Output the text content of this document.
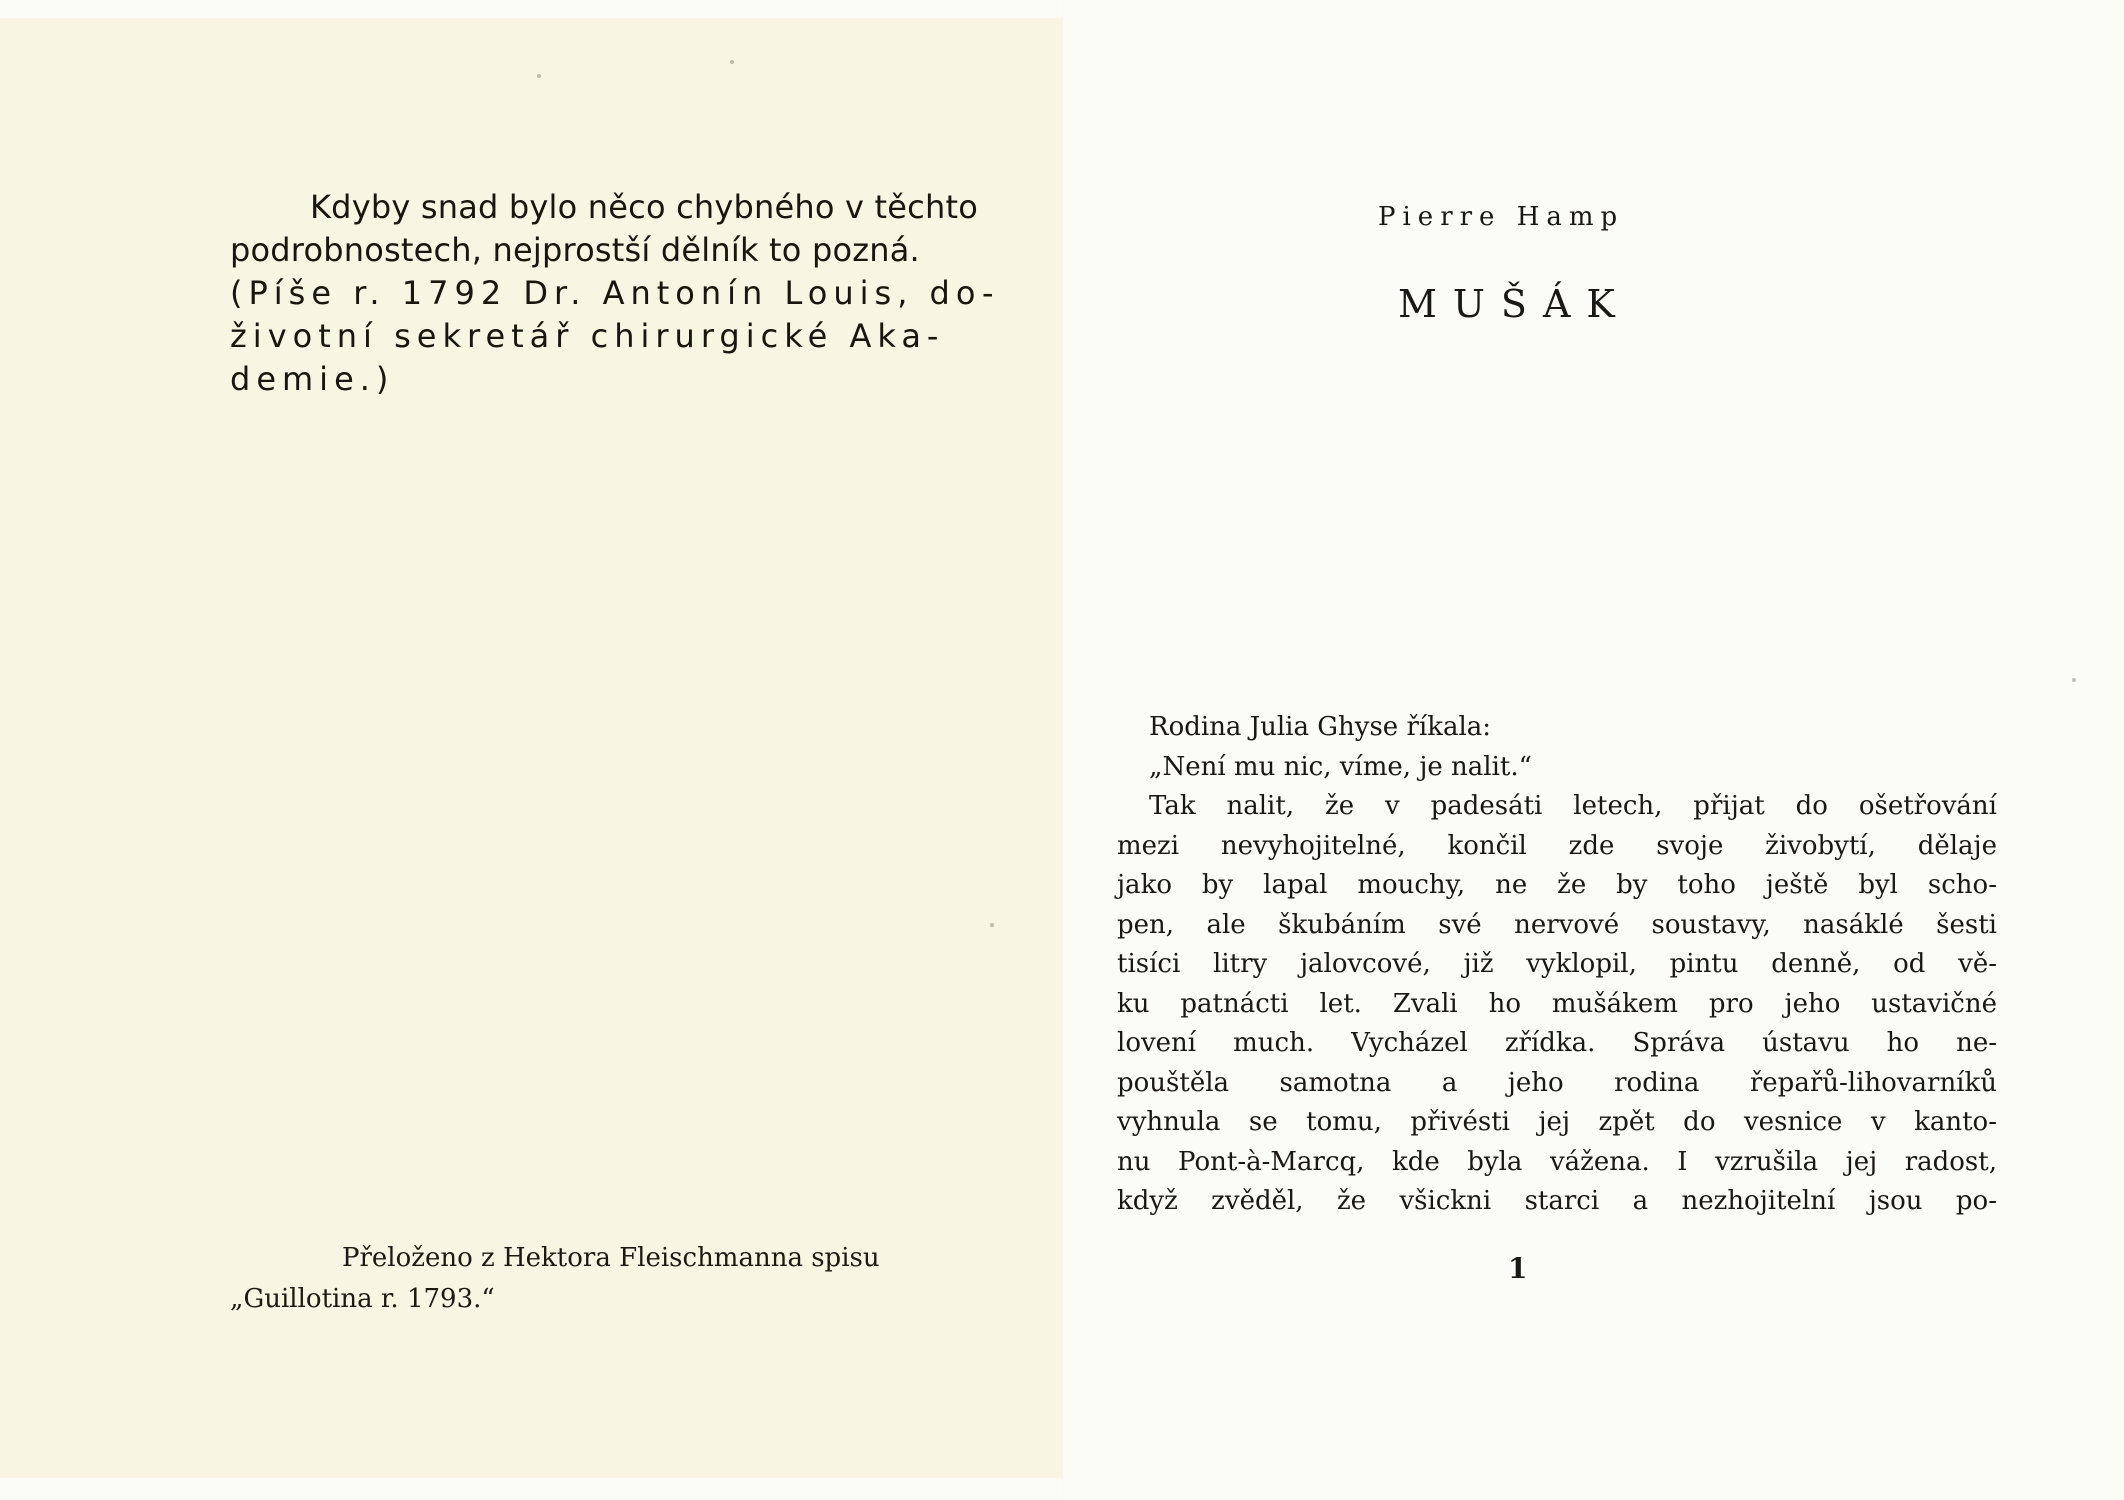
Kdyby snad bylo něco chybného v těchto
podrobnostech, nejprostší dělník to pozná.
(Píše r. 1792 Dr. Antonín Louis, do-
životní sekretář chirurgické Aka-
demie.)
Přeloženo z Hektora Fleischmanna spisu
„Guillotina r. 1793.“
Pierre Hamp
MUŠÁK
Rodina Julia Ghyse říkala:
„Není mu nic, víme, je nalit.“
Tak nalit, že v padesáti letech, přijat do ošetřování
mezi nevyhojitelné, končil zde svoje živobytí, dělaje
jako by lapal mouchy, ne že by toho ještě byl scho-
pen, ale škubáním své nervové soustavy, nasáklé šesti
tisíci litry jalovcové, již vyklopil, pintu denně, od vě-
ku patnácti let. Zvali ho mušákem pro jeho ustavičné
lovení much. Vycházel zřídka. Správa ústavu ho ne-
pouštěla samotna a jeho rodina řepařů-lihovarníků
vyhnula se tomu, přivésti jej zpět do vesnice v kanto-
nu Pont-à-Marcq, kde byla vážena. I vzrušila jej radost,
když zvěděl, že všickni starci a nezhojitelní jsou po-
1
